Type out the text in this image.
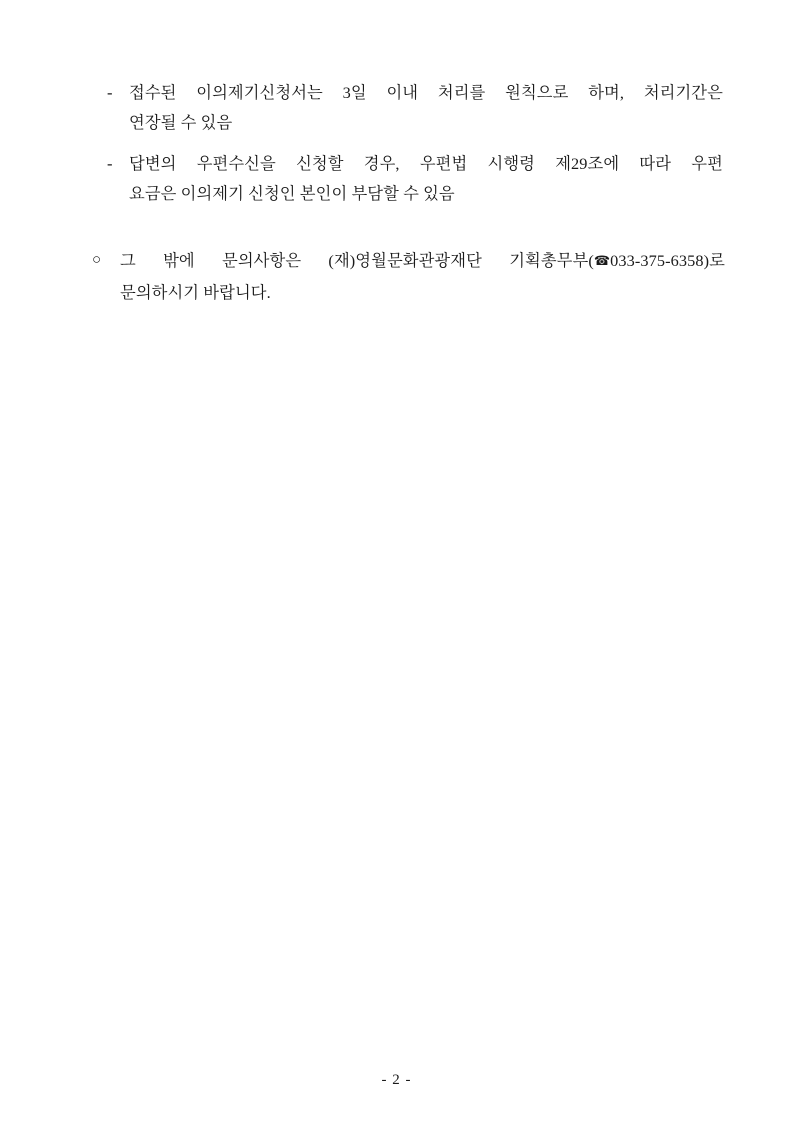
-	접수된 이의제기신청서는 3일 이내 처리를 원칙으로 하며, 처리기간은
연장될 수 있음
-	답변의 우편수신을 신청할 경우, 우편법 시행령 제29조에 따라 우편
요금은 이의제기 신청인 본인이 부담할 수 있음
○	그 밖에 문의사항은 (재)영월문화관광재단 기획총무부(☎033-375-6358)로
문의하시기 바랍니다.
- 2 -
